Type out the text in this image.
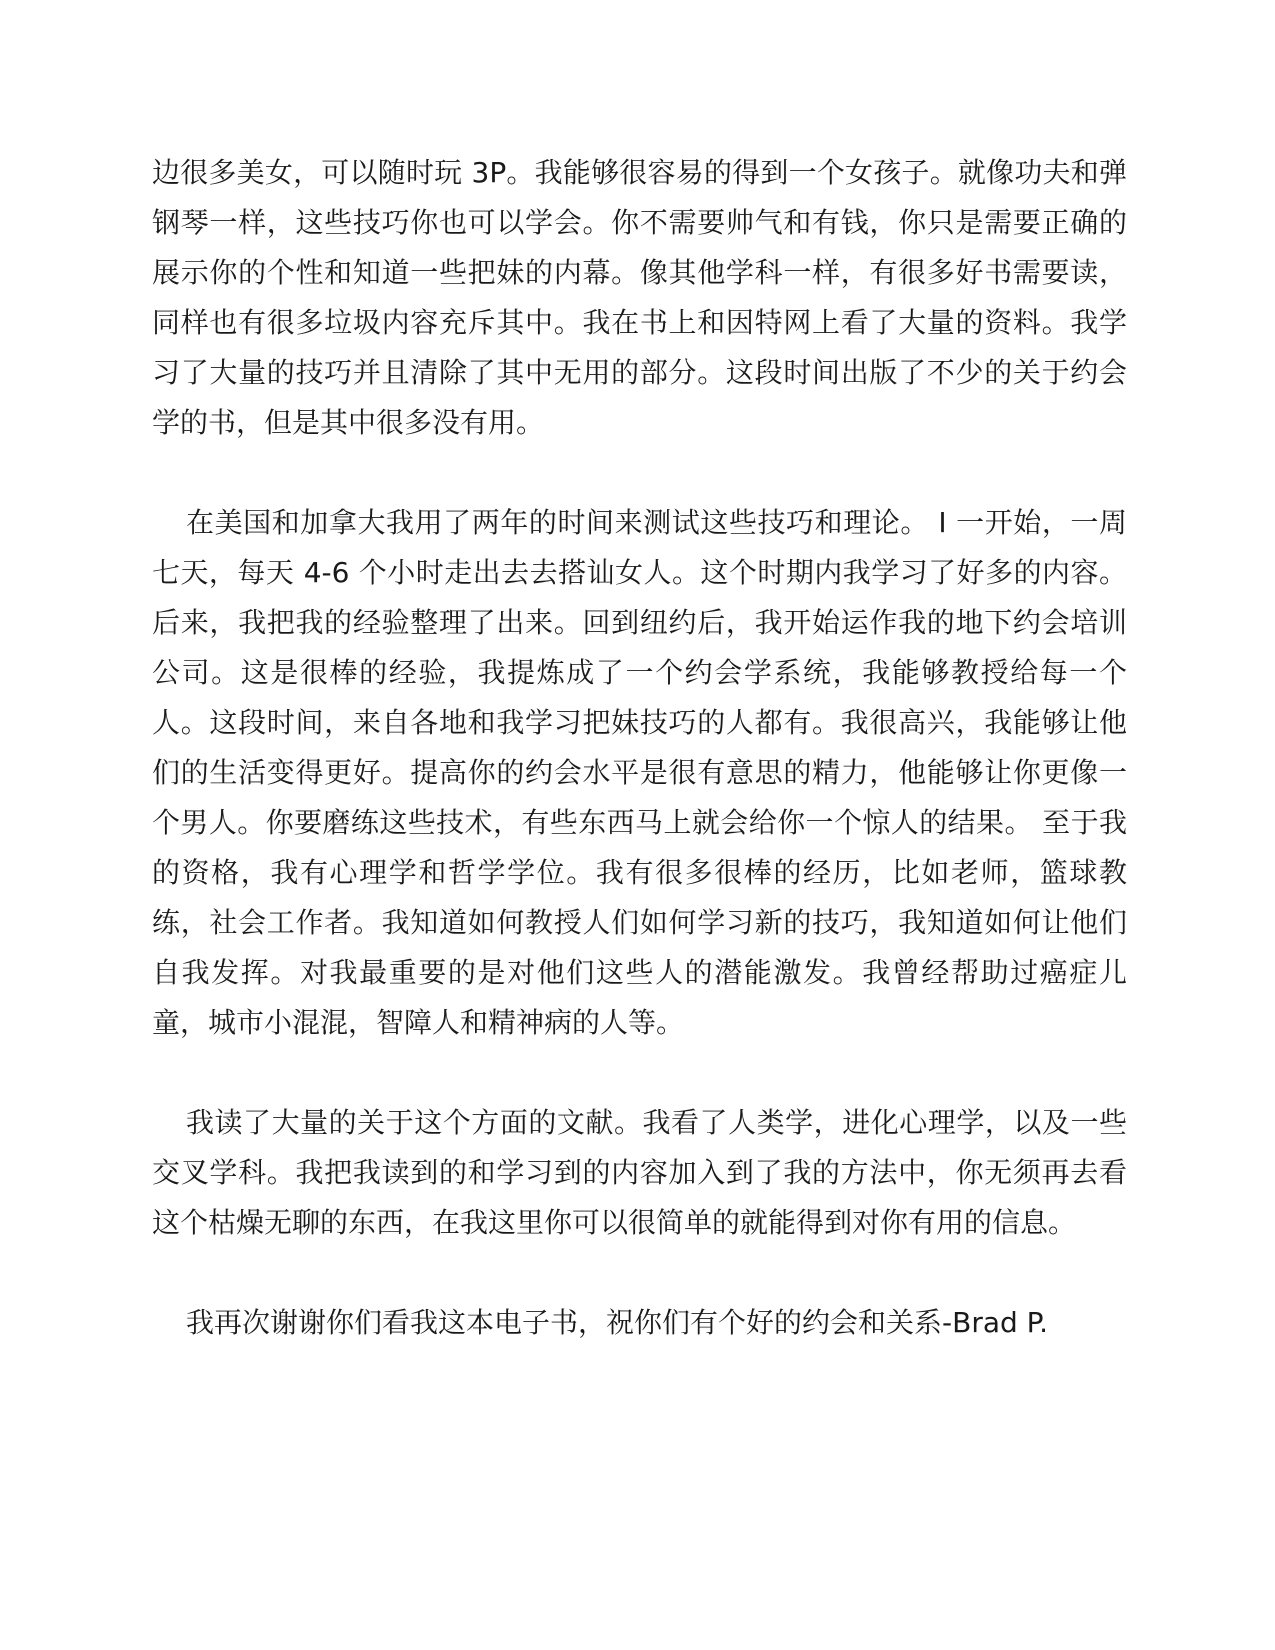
边很多美女，可以随时玩 3P。我能够很容易的得到一个女孩子。就像功夫和弹钢琴一样，这些技巧你也可以学会。你不需要帅气和有钱，你只是需要正确的展示你的个性和知道一些把妹的内幕。像其他学科一样，有很多好书需要读，同样也有很多垃圾内容充斥其中。我在书上和因特网上看了大量的资料。我学习了大量的技巧并且清除了其中无用的部分。这段时间出版了不少的关于约会学的书，但是其中很多没有用。

在美国和加拿大我用了两年的时间来测试这些技巧和理论。 I 一开始，一周七天，每天 4-6 个小时走出去去搭讪女人。这个时期内我学习了好多的内容。后来，我把我的经验整理了出来。回到纽约后，我开始运作我的地下约会培训公司。这是很棒的经验，我提炼成了一个约会学系统，我能够教授给每一个人。这段时间，来自各地和我学习把妹技巧的人都有。我很高兴，我能够让他们的生活变得更好。提高你的约会水平是很有意思的精力，他能够让你更像一个男人。你要磨练这些技术，有些东西马上就会给你一个惊人的结果。 至于我的资格，我有心理学和哲学学位。我有很多很棒的经历，比如老师，篮球教练，社会工作者。我知道如何教授人们如何学习新的技巧，我知道如何让他们自我发挥。对我最重要的是对他们这些人的潜能激发。我曾经帮助过癌症儿童，城市小混混，智障人和精神病的人等。

我读了大量的关于这个方面的文献。我看了人类学，进化心理学，以及一些交叉学科。我把我读到的和学习到的内容加入到了我的方法中，你无须再去看这个枯燥无聊的东西，在我这里你可以很简单的就能得到对你有用的信息。

我再次谢谢你们看我这本电子书，祝你们有个好的约会和关系-Brad P.
